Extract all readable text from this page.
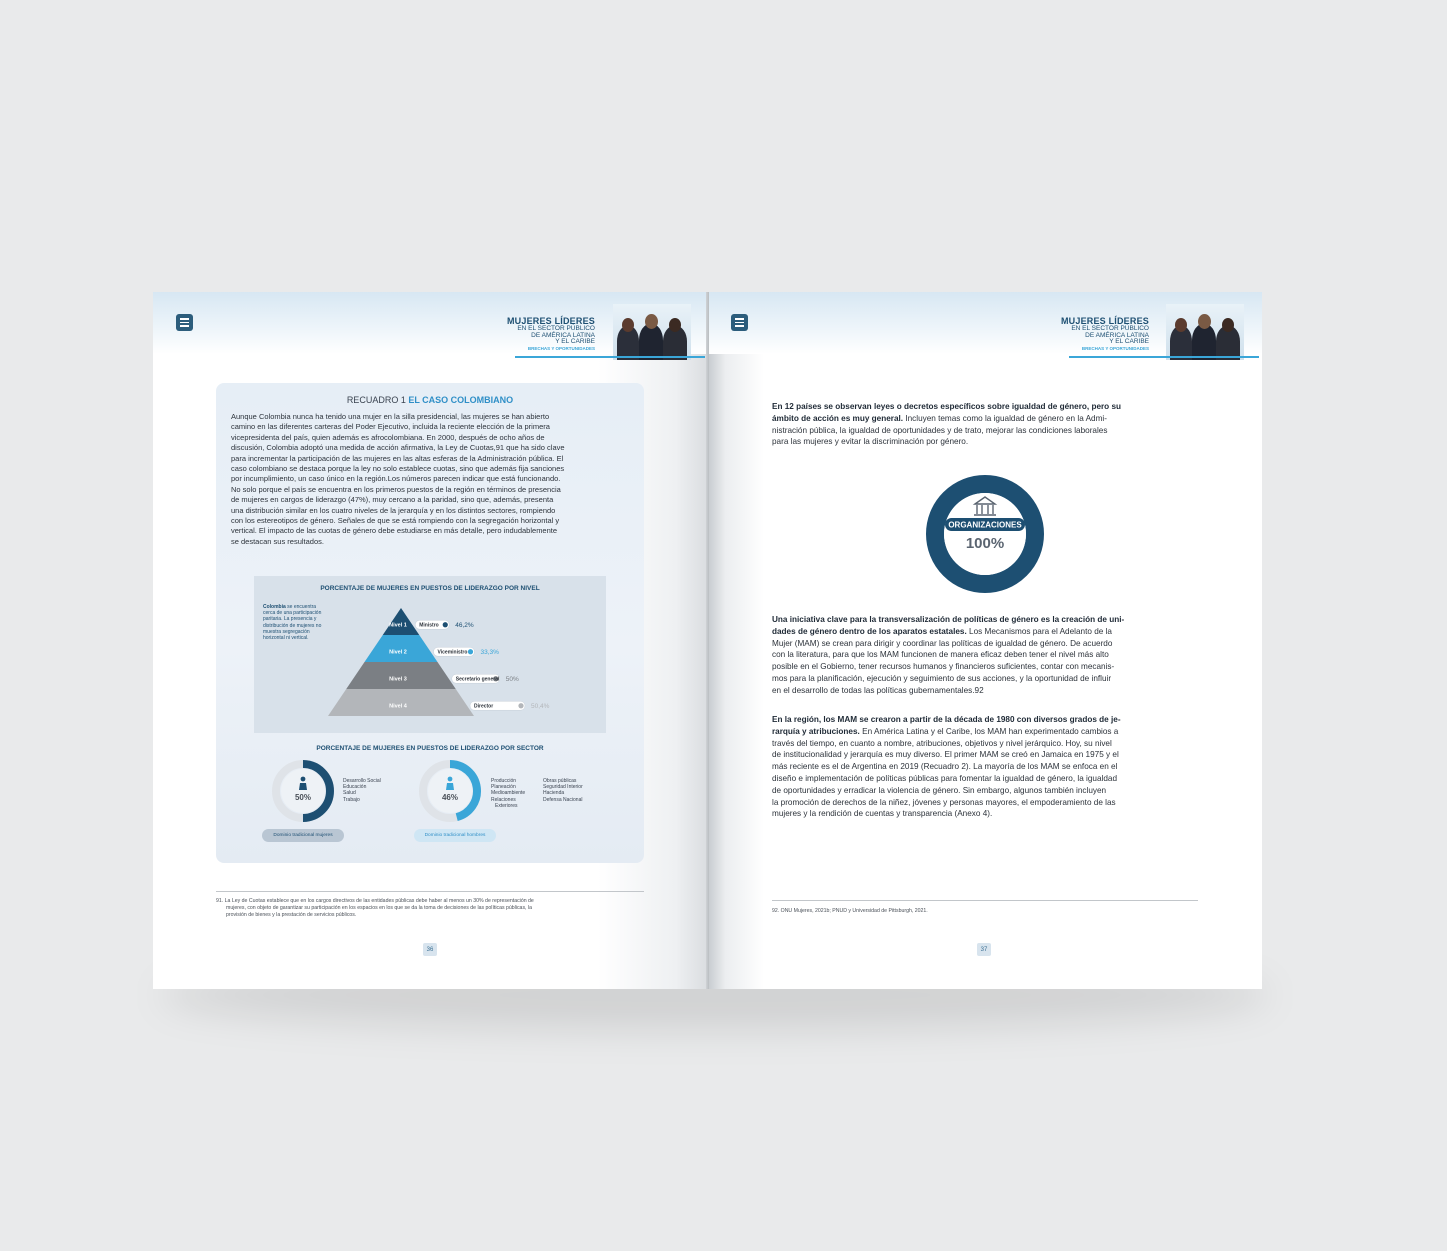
MUJERES LÍDERES
EN EL SECTOR PÚBLICO
DE AMÉRICA LATINA
Y EL CARIBE
BRECHAS Y OPORTUNIDADES
RECUADRO 1 EL CASO COLOMBIANO
Aunque Colombia nunca ha tenido una mujer en la silla presidencial, las mujeres se han abierto
camino en las diferentes carteras del Poder Ejecutivo, incluida la reciente elección de la primera
vicepresidenta del país, quien además es afrocolombiana. En 2000, después de ocho años de
discusión, Colombia adoptó una medida de acción afirmativa, la Ley de Cuotas,91 que ha sido clave
para incrementar la participación de las mujeres en las altas esferas de la Administración pública. El
caso colombiano se destaca porque la ley no solo establece cuotas, sino que además fija sanciones
por incumplimiento, un caso único en la región.Los números parecen indicar que está funcionando.
No solo porque el país se encuentra en los primeros puestos de la región en términos de presencia
de mujeres en cargos de liderazgo (47%), muy cercano a la paridad, sino que, además, presenta
una distribución similar en los cuatro niveles de la jerarquía y en los distintos sectores, rompiendo
con los estereotipos de género. Señales de que se está rompiendo con la segregación horizontal y
vertical. El impacto de las cuotas de género debe estudiarse en más detalle, pero indudablemente
se destacan sus resultados.
PORCENTAJE DE MUJERES EN PUESTOS DE LIDERAZGO POR NIVEL
Colombia se encuentra
cerca de una participación
paritaria. La presencia y
distribución de mujeres no
muestra segregación
horizontal ni vertical.
Nivel 1 Ministro	46,2%
Nivel 2	Viceministro 33,3%
Nivel 3	Secretario general 50%
Nivel 4	Director	50,4%
PORCENTAJE DE MUJERES EN PUESTOS DE LIDERAZGO POR SECTOR
50%	46%
Desarrollo Social
Educación
Salud
Trabajo
Producción
Planeación
Medioambiente
Relaciones
Exteriores
Obras públicas
Seguridad Interior
Hacienda
Defensa Nacional
Dominio tradicional mujeres	Dominio tradicional hombres
91. La Ley de Cuotas establece que en los cargos directivos de las entidades públicas debe haber al menos un 30% de representación de
mujeres, con objeto de garantizar su participación en los espacios en los que se da la toma de decisiones de las políticas públicas, la
provisión de bienes y la prestación de servicios públicos.
36
MUJERES LÍDERES
EN EL SECTOR PÚBLICO
DE AMÉRICA LATINA
Y EL CARIBE
BRECHAS Y OPORTUNIDADES
En 12 países se observan leyes o decretos específicos sobre igualdad de género, pero su
ámbito de acción es muy general. Incluyen temas como la igualdad de género en la Admi-
nistración pública, la igualdad de oportunidades y de trato, mejorar las condiciones laborales
para las mujeres y evitar la discriminación por género.
ORGANIZACIONES
100%
Una iniciativa clave para la transversalización de políticas de género es la creación de uni-
dades de género dentro de los aparatos estatales. Los Mecanismos para el Adelanto de la
Mujer (MAM) se crean para dirigir y coordinar las políticas de igualdad de género. De acuerdo
con la literatura, para que los MAM funcionen de manera eficaz deben tener el nivel más alto
posible en el Gobierno, tener recursos humanos y financieros suficientes, contar con mecanis-
mos para la planificación, ejecución y seguimiento de sus acciones, y la oportunidad de influir
en el desarrollo de todas las políticas gubernamentales.92
En la región, los MAM se crearon a partir de la década de 1980 con diversos grados de je-
rarquía y atribuciones. En América Latina y el Caribe, los MAM han experimentado cambios a
través del tiempo, en cuanto a nombre, atribuciones, objetivos y nivel jerárquico. Hoy, su nivel
de institucionalidad y jerarquía es muy diverso. El primer MAM se creó en Jamaica en 1975 y el
más reciente es el de Argentina en 2019 (Recuadro 2). La mayoría de los MAM se enfoca en el
diseño e implementación de políticas públicas para fomentar la igualdad de género, la igualdad
de oportunidades y erradicar la violencia de género. Sin embargo, algunos también incluyen
la promoción de derechos de la niñez, jóvenes y personas mayores, el empoderamiento de las
mujeres y la rendición de cuentas y transparencia (Anexo 4).
92. ONU Mujeres, 2021b; PNUD y Universidad de Pittsburgh, 2021.
37
